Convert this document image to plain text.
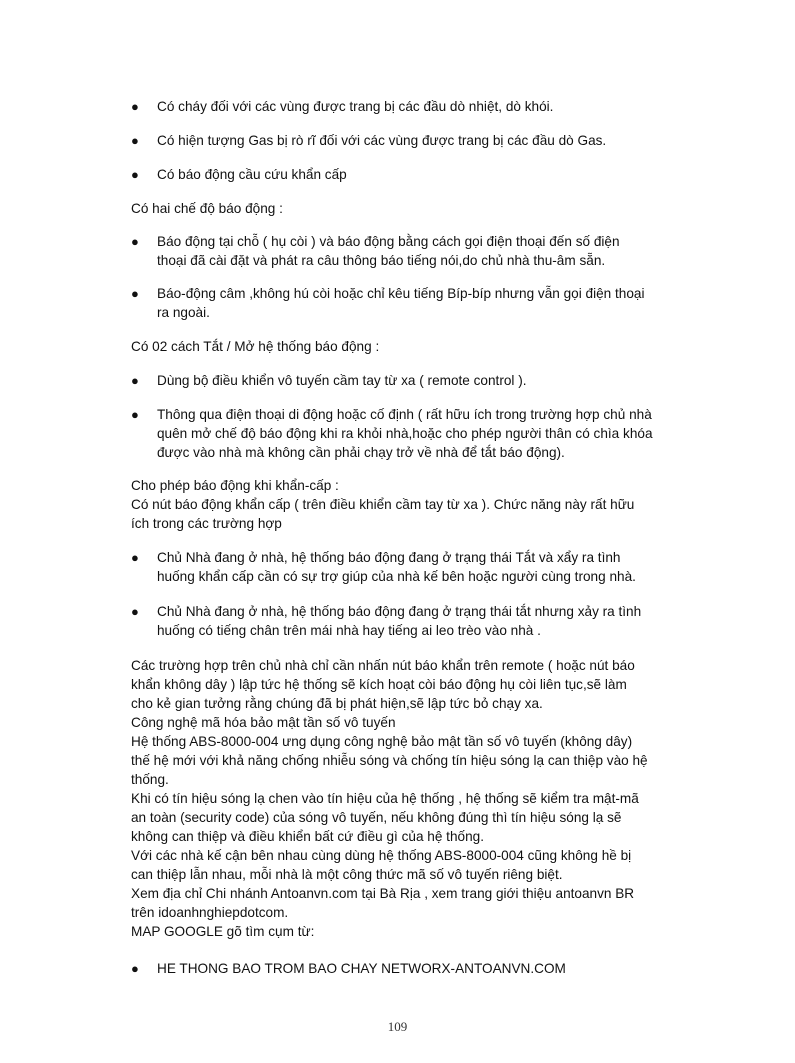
● Có cháy đối với các vùng được trang bị các đầu dò nhiệt, dò khói.
● Có hiện tượng Gas bị rò rĩ đối với các vùng được trang bị các đầu dò Gas.
● Có báo động cầu cứu khẩn cấp
Có hai chế độ báo động :
● Báo động tại chỗ ( hụ còi ) và báo động bằng cách gọi điện thoại đến số điện
thoại đã cài đặt và phát ra câu thông báo tiếng nói,do chủ nhà thu-âm sẵn.
● Báo-động câm ,không hú còi hoặc chỉ kêu tiếng Bíp-bíp nhưng vẫn gọi điện thoại
ra ngoài.
Có 02 cách Tắt / Mở hệ thống báo động :
● Dùng bộ điều khiển vô tuyến cầm tay từ xa ( remote control ).
● Thông qua điện thoại di động hoặc cố định ( rất hữu ích trong trường hợp chủ nhà
quên mở chế độ báo động khi ra khỏi nhà,hoặc cho phép người thân có chìa khóa
được vào nhà mà không cần phải chạy trở về nhà để tắt báo động).
Cho phép báo động khi khẩn-cấp :
Có nút báo động khẩn cấp ( trên điều khiển cầm tay từ xa ). Chức năng này rất hữu
ích trong các trường hợp
● Chủ Nhà đang ở nhà, hệ thống báo động đang ở trạng thái Tắt và xẩy ra tình
huống khẩn cấp cần có sự trợ giúp của nhà kế bên hoặc người cùng trong nhà.
● Chủ Nhà đang ở nhà, hệ thống báo động đang ở trạng thái tắt nhưng xảy ra tình
huống có tiếng chân trên mái nhà hay tiếng ai leo trèo vào nhà .
Các trường hợp trên chủ nhà chỉ cần nhấn nút báo khẩn trên remote ( hoặc nút báo
khẩn không dây ) lập tức hệ thống sẽ kích hoạt còi báo động hụ còi liên tục,sẽ làm
cho kẻ gian tưởng rằng chúng đã bị phát hiện,sẽ lập tức bỏ chạy xa.
Công nghệ mã hóa bảo mật tần số vô tuyến
Hệ thống ABS-8000-004 ưng dụng công nghệ bảo mật tần số vô tuyến (không dây)
thế hệ mới với khả năng chống nhiễu sóng và chống tín hiệu sóng lạ can thiệp vào hệ
thống.
Khi có tín hiệu sóng lạ chen vào tín hiệu của hệ thống , hệ thống sẽ kiểm tra mật-mã
an toàn (security code) của sóng vô tuyến, nếu không đúng thì tín hiệu sóng lạ sẽ
không can thiệp và điều khiển bất cứ điều gì của hệ thống.
Với các nhà kế cận bên nhau cùng dùng hệ thống ABS-8000-004 cũng không hề bị
can thiệp lẫn nhau, mỗi nhà là một công thức mã số vô tuyến riêng biệt.
Xem địa chỉ Chi nhánh Antoanvn.com tại Bà Rịa , xem trang giới thiệu antoanvn BR
trên idoanhnghiepdotcom.
MAP GOOGLE gõ tìm cụm từ:
● HE THONG BAO TROM BAO CHAY NETWORX-ANTOANVN.COM
109
